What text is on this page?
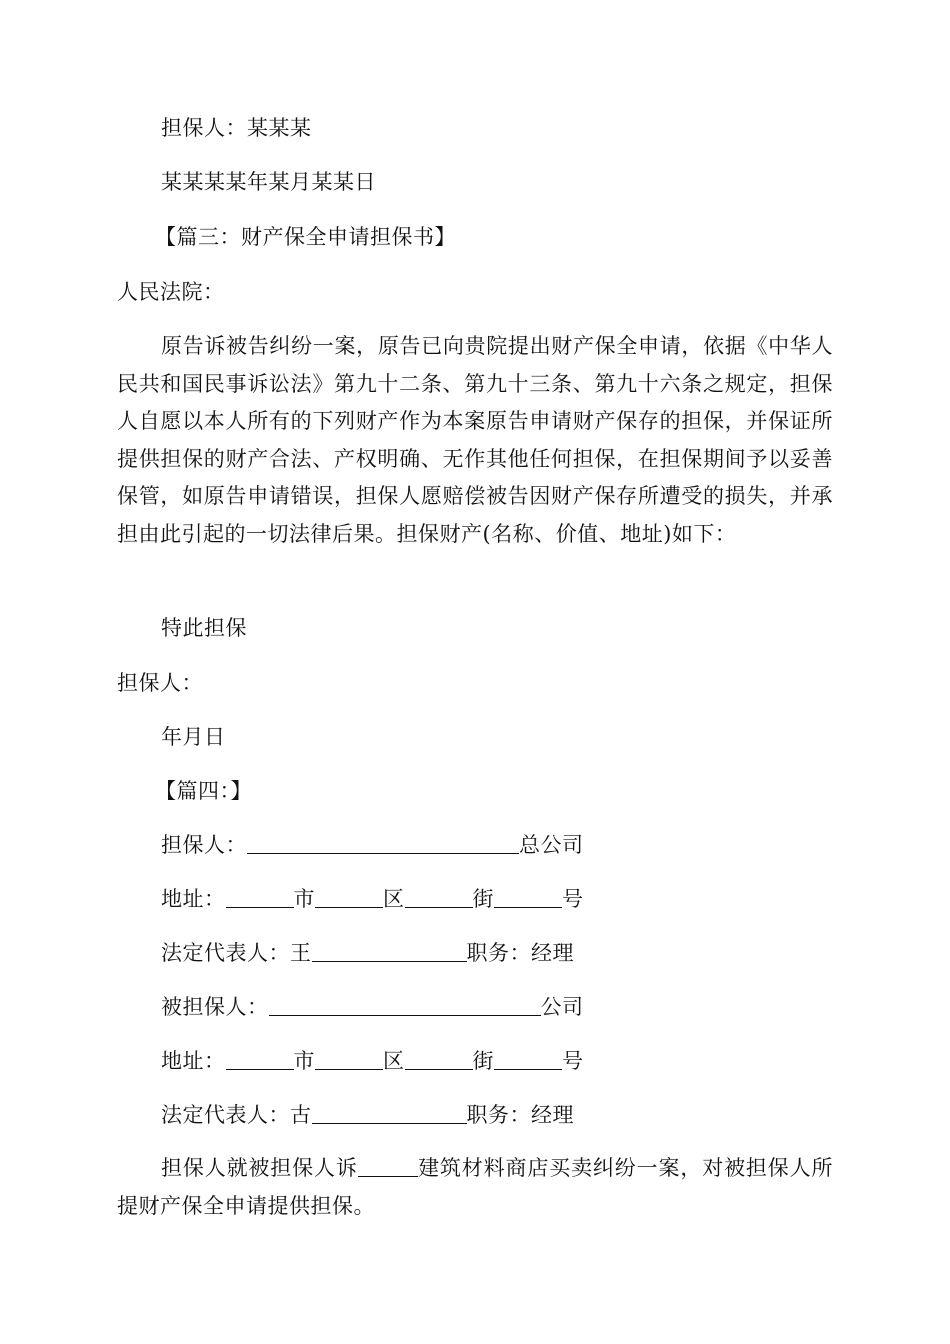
担保人：某某某
某某某某年某月某某日
【篇三：财产保全申请担保书】
人民法院：
原告诉被告纠纷一案，原告已向贵院提出财产保全申请，依据《中华人民共和国民事诉讼法》第九十二条、第九十三条、第九十六条之规定，担保人自愿以本人所有的下列财产作为本案原告申请财产保存的担保，并保证所提供担保的财产合法、产权明确、无作其他任何担保，在担保期间予以妥善保管，如原告申请错误，担保人愿赔偿被告因财产保存所遭受的损失，并承担由此引起的一切法律后果。担保财产(名称、价值、地址)如下：
特此担保
担保人：
年月日
【篇四：】
担保人：	总公司
地址：	市	区	街	号
法定代表人：王	职务：经理
被担保人：	公司
地址：	市	区	街	号
法定代表人：古	职务：经理
担保人就被担保人诉	建筑材料商店买卖纠纷一案，对被担保人所提财产保全申请提供担保。
